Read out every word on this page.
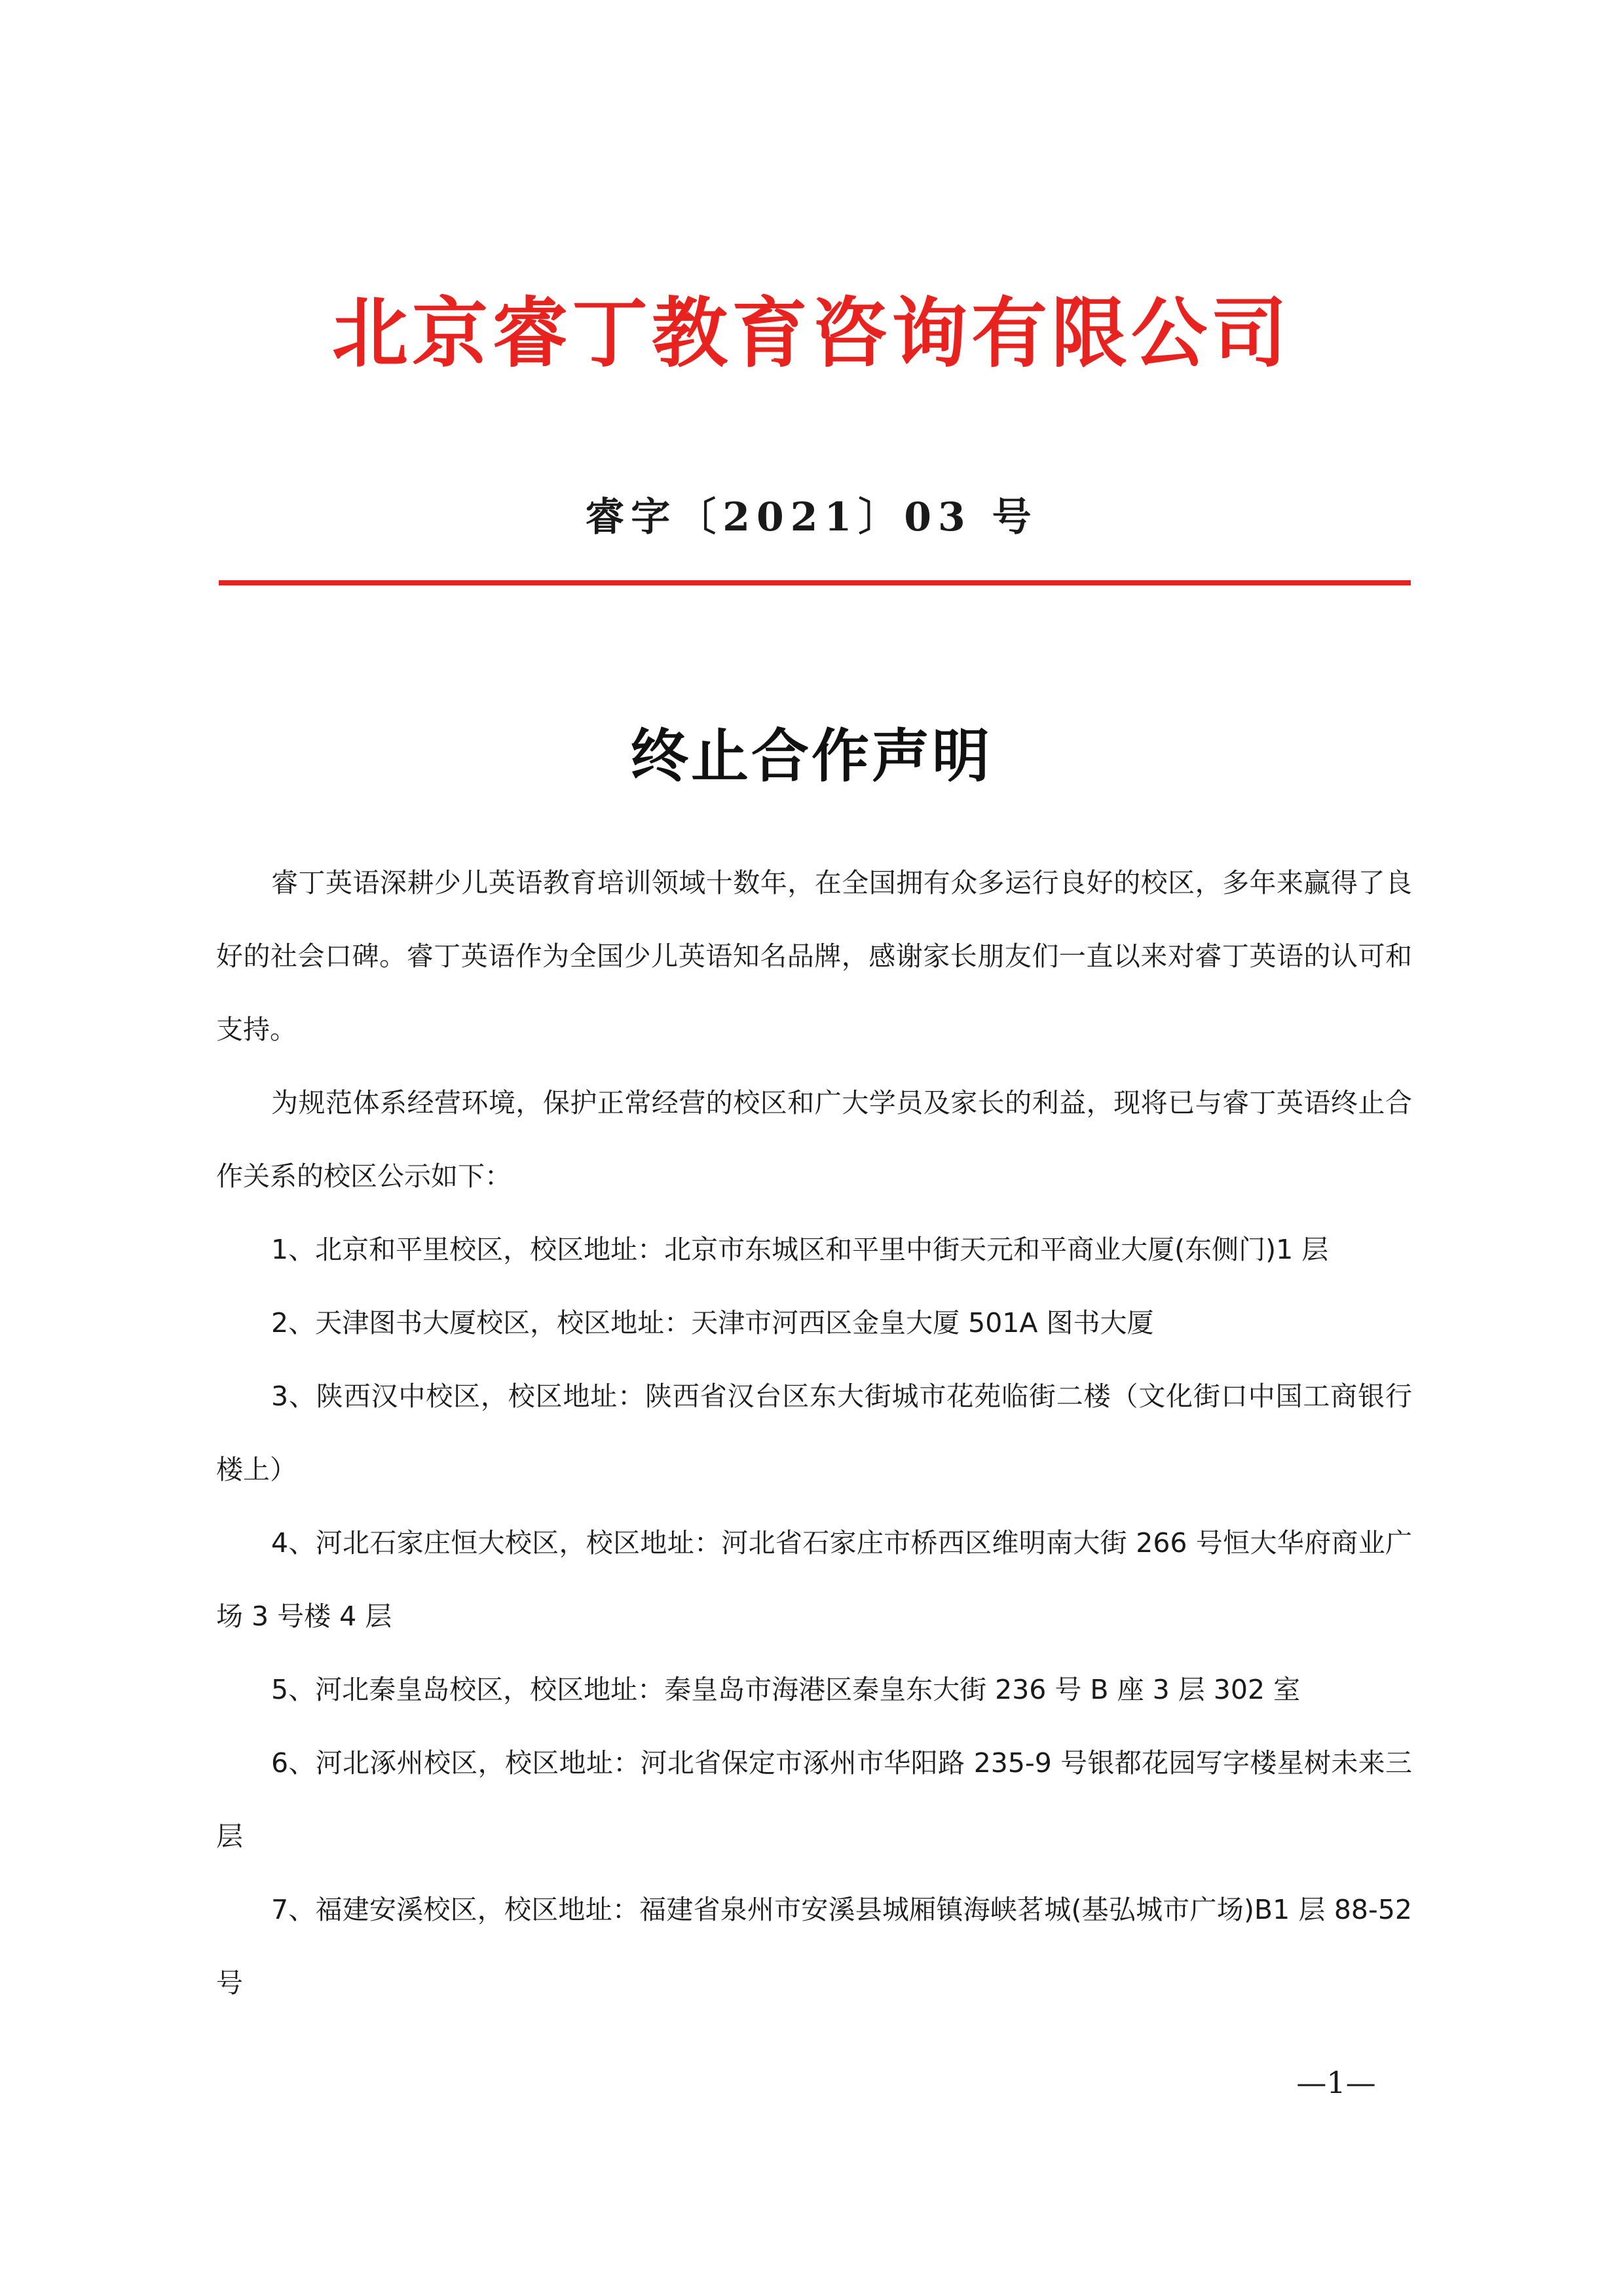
北京睿丁教育咨询有限公司
睿字〔2021〕03 号
终止合作声明

睿丁英语深耕少儿英语教育培训领域十数年，在全国拥有众多运行良好的校区，多年来赢得了良好的社会口碑。睿丁英语作为全国少儿英语知名品牌，感谢家长朋友们一直以来对睿丁英语的认可和支持。

为规范体系经营环境，保护正常经营的校区和广大学员及家长的利益，现将已与睿丁英语终止合作关系的校区公示如下：

1、北京和平里校区，校区地址：北京市东城区和平里中街天元和平商业大厦(东侧门)1 层

2、天津图书大厦校区，校区地址：天津市河西区金皇大厦 501A 图书大厦

3、陕西汉中校区，校区地址：陕西省汉台区东大街城市花苑临街二楼（文化街口中国工商银行楼上）

4、河北石家庄恒大校区，校区地址：河北省石家庄市桥西区维明南大街 266 号恒大华府商业广场 3 号楼 4 层

5、河北秦皇岛校区，校区地址：秦皇岛市海港区秦皇东大街 236 号 B 座 3 层 302 室

6、河北涿州校区，校区地址：河北省保定市涿州市华阳路 235-9 号银都花园写字楼星树未来三层

7、福建安溪校区，校区地址：福建省泉州市安溪县城厢镇海峡茗城(基弘城市广场)B1 层 88-52 号

—1—
